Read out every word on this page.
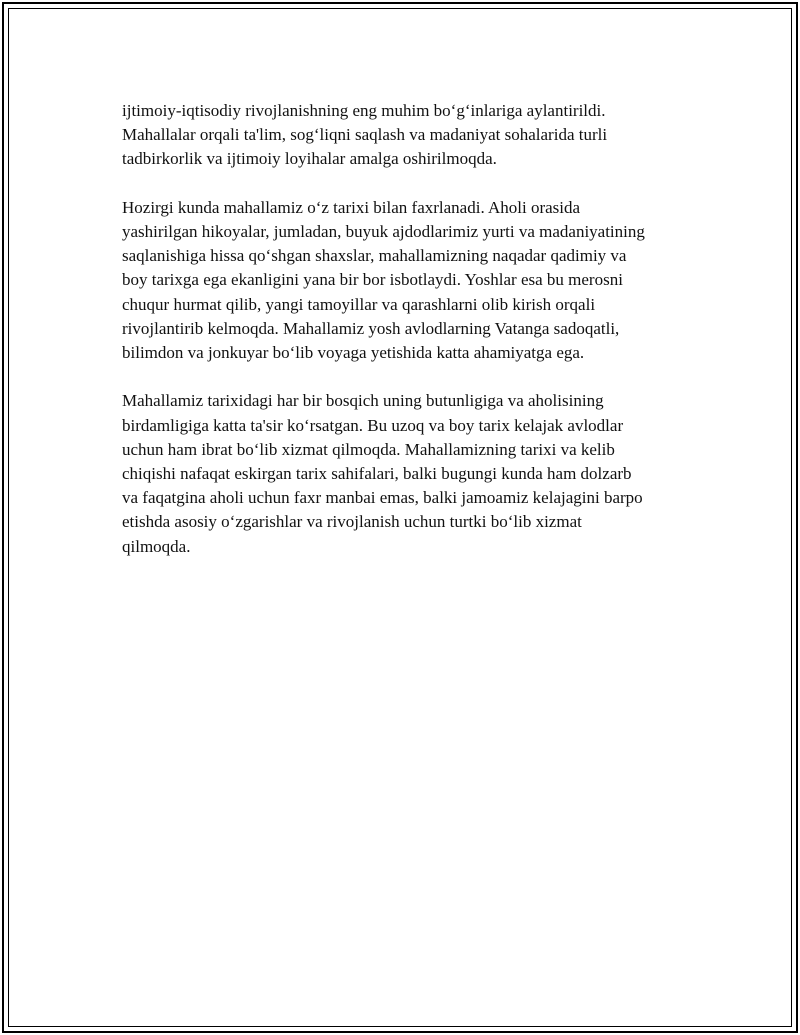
ijtimoiy-iqtisodiy rivojlanishning eng muhim bo‘g‘inlariga aylantirildi.
Mahallalar orqali ta'lim, sog‘liqni saqlash va madaniyat sohalarida turli
tadbirkorlik va ijtimoiy loyihalar amalga oshirilmoqda.

Hozirgi kunda mahallamiz o‘z tarixi bilan faxrlanadi. Aholi orasida
yashirilgan hikoyalar, jumladan, buyuk ajdodlarimiz yurti va madaniyatining
saqlanishiga hissa qo‘shgan shaxslar, mahallamizning naqadar qadimiy va
boy tarixga ega ekanligini yana bir bor isbotlaydi. Yoshlar esa bu merosni
chuqur hurmat qilib, yangi tamoyillar va qarashlarni olib kirish orqali
rivojlantirib kelmoqda. Mahallamiz yosh avlodlarning Vatanga sadoqatli,
bilimdon va jonkuyar bo‘lib voyaga yetishida katta ahamiyatga ega.

Mahallamiz tarixidagi har bir bosqich uning butunligiga va aholisining
birdamligiga katta ta'sir ko‘rsatgan. Bu uzoq va boy tarix kelajak avlodlar
uchun ham ibrat bo‘lib xizmat qilmoqda. Mahallamizning tarixi va kelib
chiqishi nafaqat eskirgan tarix sahifalari, balki bugungi kunda ham dolzarb
va faqatgina aholi uchun faxr manbai emas, balki jamoamiz kelajagini barpo
etishda asosiy o‘zgarishlar va rivojlanish uchun turtki bo‘lib xizmat
qilmoqda.
